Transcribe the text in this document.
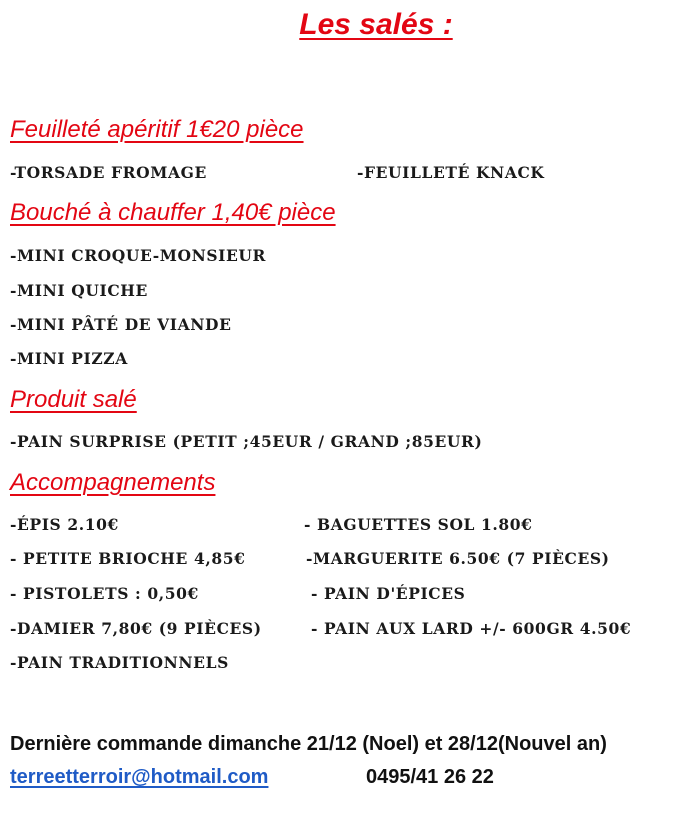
Les salés :
Feuilleté apéritif 1€20 pièce
-TORSADE FROMAGE	-FEUILLETÉ KNACK
Bouché à chauffer 1,40€ pièce
-MINI CROQUE-MONSIEUR
-MINI QUICHE
-MINI PÂTÉ DE VIANDE
-MINI PIZZA
Produit salé
-PAIN SURPRISE (PETIT ;45EUR / GRAND ;85EUR)
Accompagnements
-ÉPIS 2.10€	- BAGUETTES SOL 1.80€
- PETITE BRIOCHE 4,85€	-MARGUERITE 6.50€ (7 PIÈCES)
- PISTOLETS : 0,50€	- PAIN D'ÉPICES
-DAMIER 7,80€ (9 PIÈCES)	- PAIN AUX LARD +/- 600GR 4.50€
-PAIN TRADITIONNELS
Dernière commande dimanche 21/12 (Noel) et 28/12(Nouvel an)
terreetterroir@hotmail.com	0495/41 26 22
